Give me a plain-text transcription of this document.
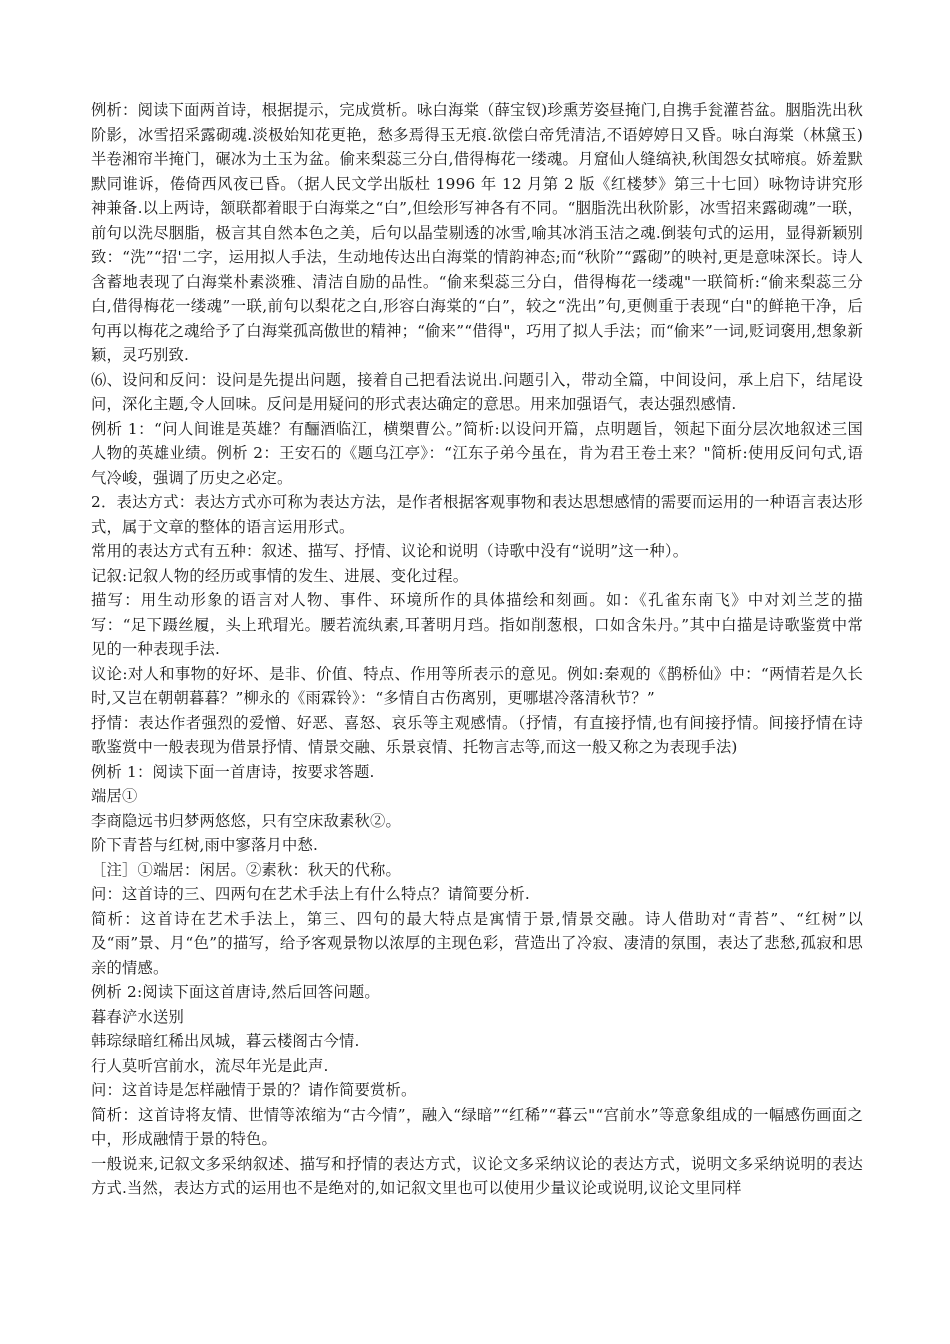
例析：阅读下面两首诗，根据提示，完成赏析。咏白海棠（薛宝钗)珍熏芳姿昼掩门,自携手瓮灌苔盆。胭脂洗出秋阶影，冰雪招采露砌魂.淡极始知花更艳，愁多焉得玉无痕.欲偿白帝凭清洁,不语婷婷日又昏。咏白海棠（林黛玉) 半卷湘帘半掩门，碾冰为土玉为盆。偷来梨蕊三分白,借得梅花一缕魂。月窟仙人缝缟袂,秋闺怨女拭啼痕。娇羞默默同谁诉，倦倚西风夜已昏。（据人民文学出版杜 1996 年 12 月第 2 版《红楼梦》第三十七回）咏物诗讲究形神兼备.以上两诗，颔联都着眼于白海棠之“白”,但绘形写神各有不同。“胭脂洗出秋阶影，冰雪招来露砌魂”一联，前句以洗尽胭脂，极言其自然本色之美，后句以晶莹剔透的冰雪,喻其冰消玉洁之魂.倒装句式的运用，显得新颖别致：“洗”“招'二字，运用拟人手法，生动地传达出白海棠的情韵神态;而“秋阶”“露砌”的映衬,更是意味深长。诗人含蓄地表现了白海棠朴素淡雅、清洁自励的品性。“偷来梨蕊三分白，借得梅花一缕魂"一联简析:“偷来梨蕊三分白,借得梅花一缕魂”一联,前句以梨花之白,形容白海棠的“白”，较之“洗出”句,更侧重于表现“白"的鲜艳干净，后句再以梅花之魂给予了白海棠孤高傲世的精神；“偷来”“借得"，巧用了拟人手法；而“偷来”一词,贬词褒用,想象新颖，灵巧别致.

⑹、设问和反问：设问是先提出问题，接着自己把看法说出.问题引入，带动全篇，中间设问，承上启下，结尾设问，深化主题,令人回味。反问是用疑问的形式表达确定的意思。用来加强语气，表达强烈感情.

例析 1：“问人间谁是英雄？有酾酒临江，横槊曹公。”简析:以设问开篇，点明题旨，领起下面分层次地叙述三国人物的英雄业绩。例析 2：王安石的《题乌江亭》：“江东子弟今虽在，肯为君王卷土来？"简析:使用反问句式,语气冷峻，强调了历史之必定。

2．表达方式：表达方式亦可称为表达方法，是作者根据客观事物和表达思想感情的需要而运用的一种语言表达形式，属于文章的整体的语言运用形式。

常用的表达方式有五种：叙述、描写、抒情、议论和说明（诗歌中没有“说明”这一种）。

记叙:记叙人物的经历或事情的发生、进展、变化过程。

描写：用生动形象的语言对人物、事件、环境所作的具体描绘和刻画。如：《孔雀东南飞》中对刘兰芝的描写：“足下蹑丝履，头上玳瑁光。腰若流纨素,耳著明月珰。指如削葱根，口如含朱丹。”其中白描是诗歌鉴赏中常见的一种表现手法.

议论:对人和事物的好坏、是非、价值、特点、作用等所表示的意见。例如:秦观的《鹊桥仙》中：“两情若是久长时,又岂在朝朝暮暮？”柳永的《雨霖铃》：“多情自古伤离别，更哪堪冷落清秋节？”

抒情：表达作者强烈的爱憎、好恶、喜怒、哀乐等主观感情。（抒情，有直接抒情,也有间接抒情。间接抒情在诗歌鉴赏中一般表现为借景抒情、情景交融、乐景哀情、托物言志等,而这一般又称之为表现手法)

例析 1：阅读下面一首唐诗，按要求答题.

端居①

李商隐远书归梦两悠悠，只有空床敌素秋②。

阶下青苔与红树,雨中寥落月中愁.

［注］①端居：闲居。②素秋：秋天的代称。

问：这首诗的三、四两句在艺术手法上有什么特点？请简要分析.

简析：这首诗在艺术手法上，第三、四句的最大特点是寓情于景,情景交融。诗人借助对“青苔”、“红树”以及“雨”景、月“色”的描写，给予客观景物以浓厚的主现色彩，营造出了冷寂、凄清的氛围，表达了悲愁,孤寂和思亲的情感。

例析 2:阅读下面这首唐诗,然后回答问题。

暮春浐水送别

韩琮绿暗红稀出凤城，暮云楼阁古今情.

行人莫听宫前水，流尽年光是此声.

问：这首诗是怎样融情于景的？请作简要赏析。

简析：这首诗将友情、世情等浓缩为“古今情”，融入“绿暗”“红稀”“暮云"“宫前水”等意象组成的一幅感伤画面之中，形成融情于景的特色。

一般说来,记叙文多采纳叙述、描写和抒情的表达方式，议论文多采纳议论的表达方式，说明文多采纳说明的表达方式.当然，表达方式的运用也不是绝对的,如记叙文里也可以使用少量议论或说明,议论文里同样
